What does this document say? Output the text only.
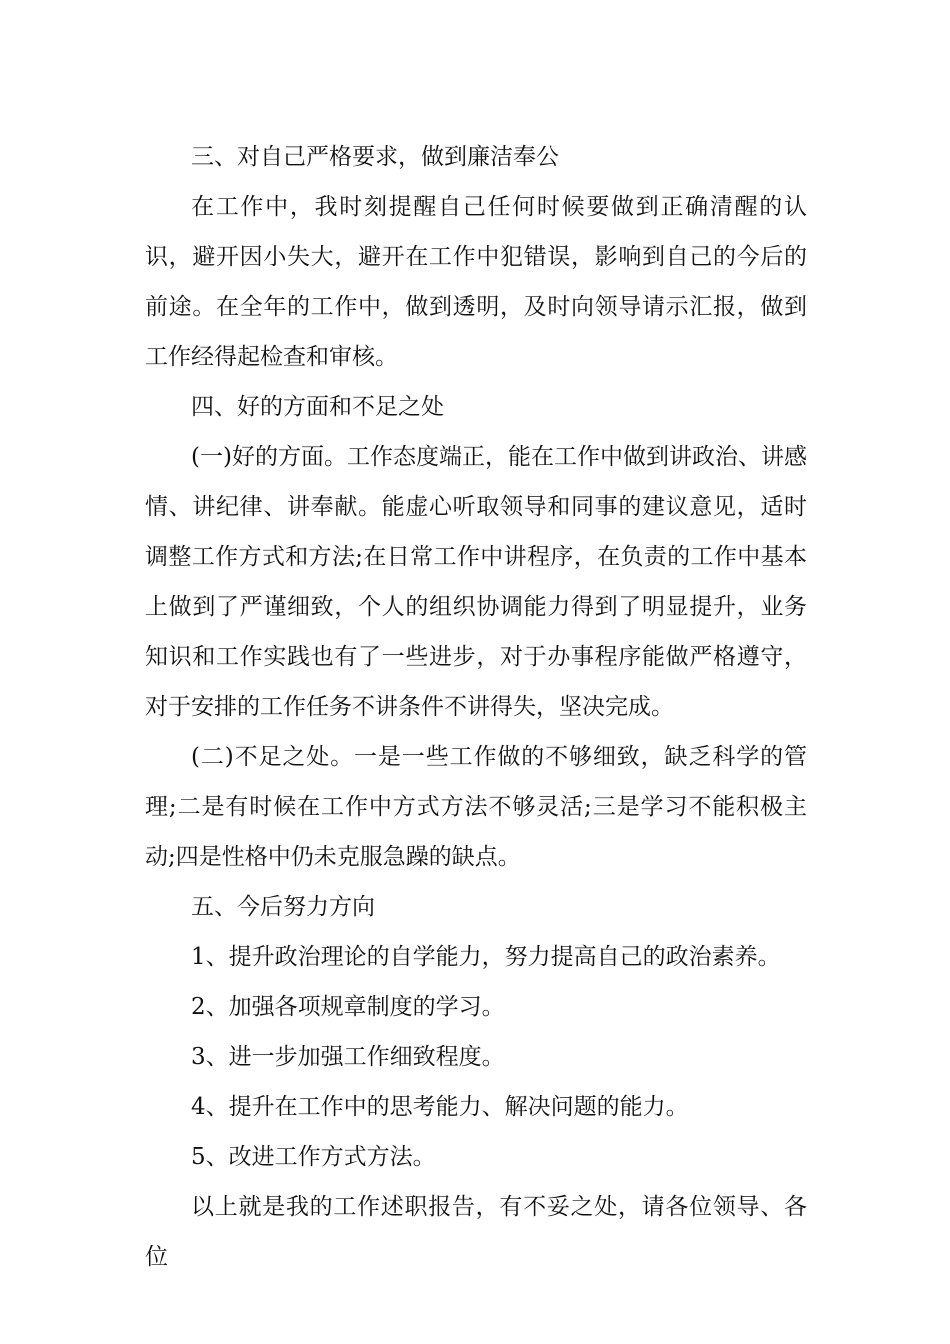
三、对自己严格要求，做到廉洁奉公

在工作中，我时刻提醒自己任何时候要做到正确清醒的认识，避开因小失大，避开在工作中犯错误，影响到自己的今后的前途。在全年的工作中，做到透明，及时向领导请示汇报，做到工作经得起检查和审核。

四、好的方面和不足之处

(一)好的方面。工作态度端正，能在工作中做到讲政治、讲感情、讲纪律、讲奉献。能虚心听取领导和同事的建议意见，适时调整工作方式和方法;在日常工作中讲程序，在负责的工作中基本上做到了严谨细致，个人的组织协调能力得到了明显提升，业务知识和工作实践也有了一些进步，对于办事程序能做严格遵守，对于安排的工作任务不讲条件不讲得失，坚决完成。

(二)不足之处。一是一些工作做的不够细致，缺乏科学的管理;二是有时候在工作中方式方法不够灵活;三是学习不能积极主动;四是性格中仍未克服急躁的缺点。

五、今后努力方向

1、提升政治理论的自学能力，努力提高自己的政治素养。

2、加强各项规章制度的学习。

3、进一步加强工作细致程度。

4、提升在工作中的思考能力、解决问题的能力。

5、改进工作方式方法。

以上就是我的工作述职报告，有不妥之处，请各位领导、各位
